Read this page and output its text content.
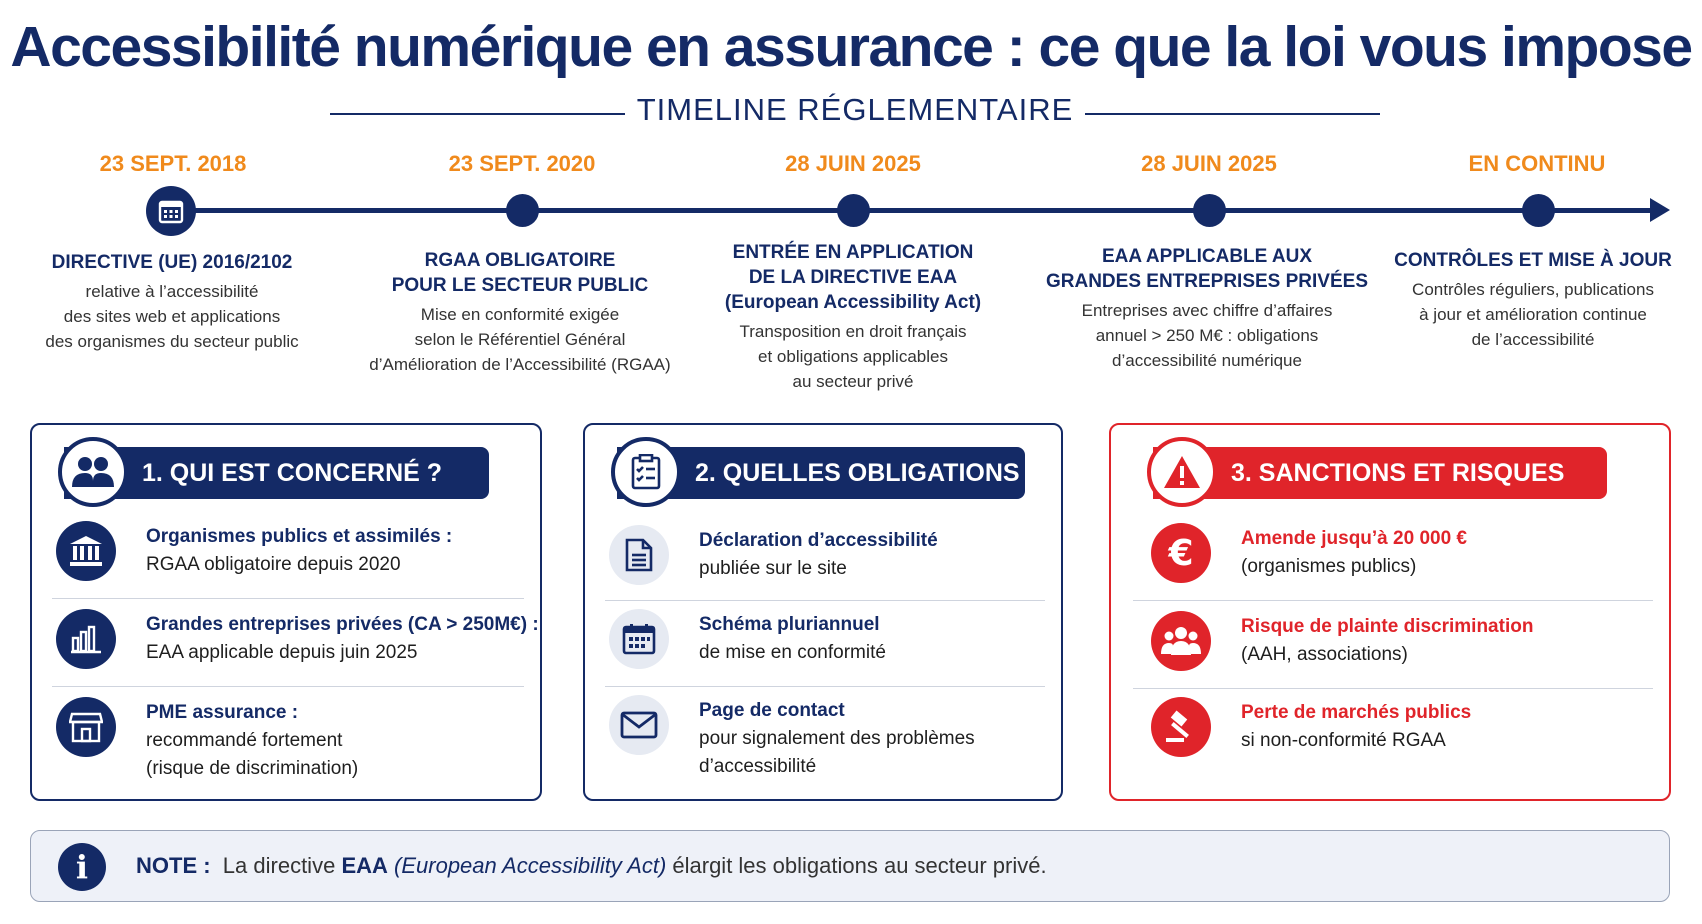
Accessibilité numérique en assurance : ce que la loi vous impose
TIMELINE RÉGLEMENTAIRE
23 SEPT. 2018	23 SEPT. 2020	28 JUIN 2025	28 JUIN 2025	EN CONTINU
DIRECTIVE (UE) 2016/2102
relative à l’accessibilité
des sites web et applications
des organismes du secteur public
RGAA OBLIGATOIRE
POUR LE SECTEUR PUBLIC
Mise en conformité exigée
selon le Référentiel Général
d’Amélioration de l’Accessibilité (RGAA)
ENTRÉE EN APPLICATION
DE LA DIRECTIVE EAA
(European Accessibility Act)
Transposition en droit français
et obligations applicables
au secteur privé
EAA APPLICABLE AUX
GRANDES ENTREPRISES PRIVÉES
Entreprises avec chiffre d’affaires
annuel > 250 M€ : obligations
d’accessibilité numérique
CONTRÔLES ET MISE À JOUR
Contrôles réguliers, publications
à jour et amélioration continue
de l’accessibilité
1. QUI EST CONCERNÉ ?
Organismes publics et assimilés :
RGAA obligatoire depuis 2020
Grandes entreprises privées (CA > 250M€) :
EAA applicable depuis juin 2025
PME assurance :
recommandé fortement
(risque de discrimination)
2. QUELLES OBLIGATIONS ?
Déclaration d’accessibilité
publiée sur le site
Schéma pluriannuel
de mise en conformité
Page de contact
pour signalement des problèmes
d’accessibilité
3. SANCTIONS ET RISQUES
€ Amende jusqu’à 20 000 €
(organismes publics)
Risque de plainte discrimination
(AAH, associations)
Perte de marchés publics
si non-conformité RGAA
i	NOTE : La directive EAA (European Accessibility Act) élargit les obligations au secteur privé.
